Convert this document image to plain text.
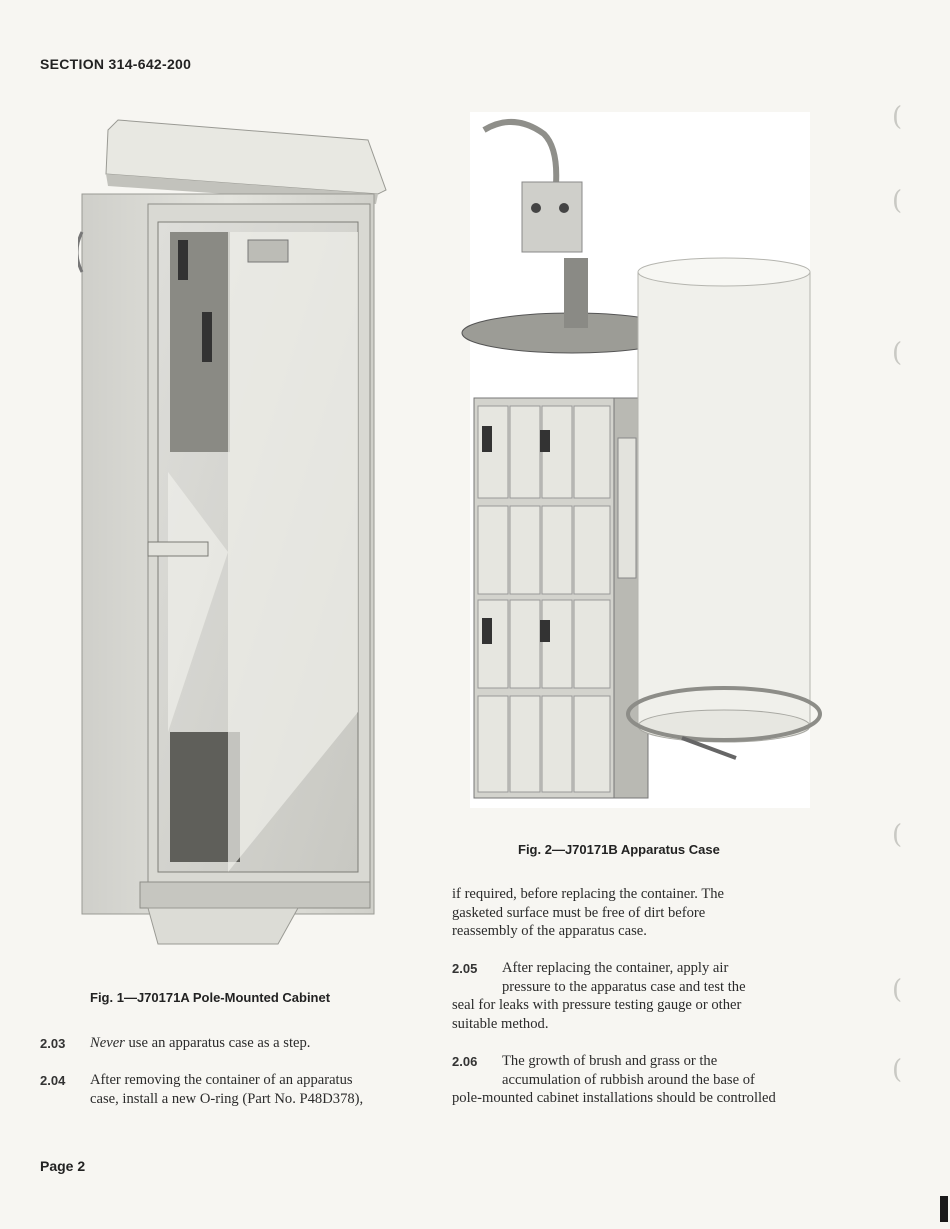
SECTION 314-642-200
Fig. 1—J70171A Pole-Mounted Cabinet
Fig. 2—J70171B Apparatus Case
2.03	Never use an apparatus case as a step.
2.04	After removing the container of an apparatus
case, install a new O-ring (Part No. P48D378),
if required, before replacing the container. The
gasketed surface must be free of dirt before
reassembly of the apparatus case.
2.05	After replacing the container, apply air
pressure to the apparatus case and test the
seal for leaks with pressure testing gauge or other
suitable method.
2.06	The growth of brush and grass or the
accumulation of rubbish around the base of
pole-mounted cabinet installations should be controlled
Page 2
(
(
(
(
(
(
